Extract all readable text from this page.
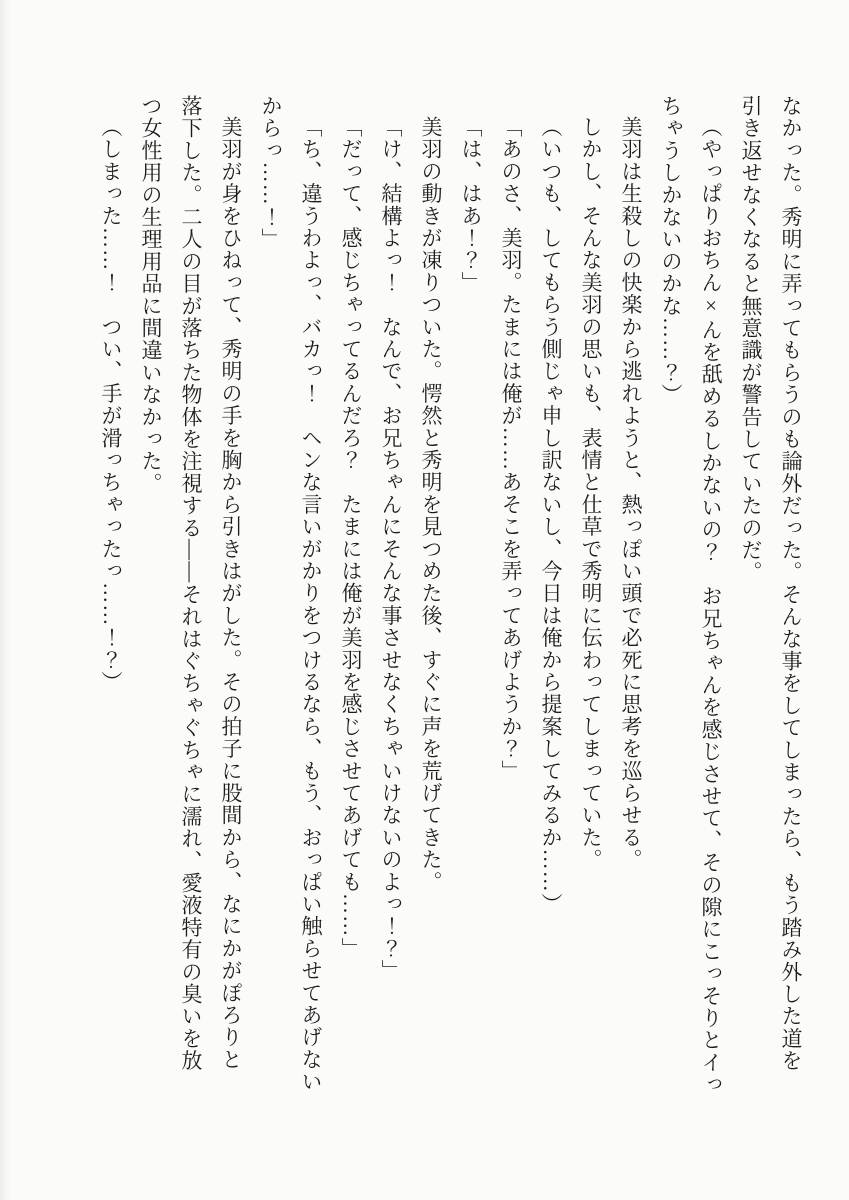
なかった。秀明に弄ってもらうのも論外だった。そんな事をしてしまったら、もう踏み外した道を

引き返せなくなると無意識が警告していたのだ。

（やっぱりおちん×んを舐めるしかないの？　お兄ちゃんを感じさせて、その隙にこっそりとイっ

ちゃうしかないのかな……？）

美羽は生殺しの快楽から逃れようと、熱っぽい頭で必死に思考を巡らせる。

しかし、そんな美羽の思いも、表情と仕草で秀明に伝わってしまっていた。

（いつも、してもらう側じゃ申し訳ないし、今日は俺から提案してみるか……）

「あのさ、美羽。たまには俺が……あそこを弄ってあげようか？」

「は、はあ！？」

美羽の動きが凍りついた。愕然と秀明を見つめた後、すぐに声を荒げてきた。

「け、結構よっ！　なんで、お兄ちゃんにそんな事させなくちゃいけないのよっ！？」

「だって、感じちゃってるんだろ？　たまには俺が美羽を感じさせてあげても……」

「ち、違うわよっ、バカっ！　ヘンな言いがかりをつけるなら、もう、おっぱい触らせてあげない

からっ……！」

美羽が身をひねって、秀明の手を胸から引きはがした。その拍子に股間から、なにかがぽろりと

落下した。二人の目が落ちた物体を注視する――それはぐちゃぐちゃに濡れ、愛液特有の臭いを放

つ女性用の生理用品に間違いなかった。

（しまった……！　つい、手が滑っちゃったっ……！？）
